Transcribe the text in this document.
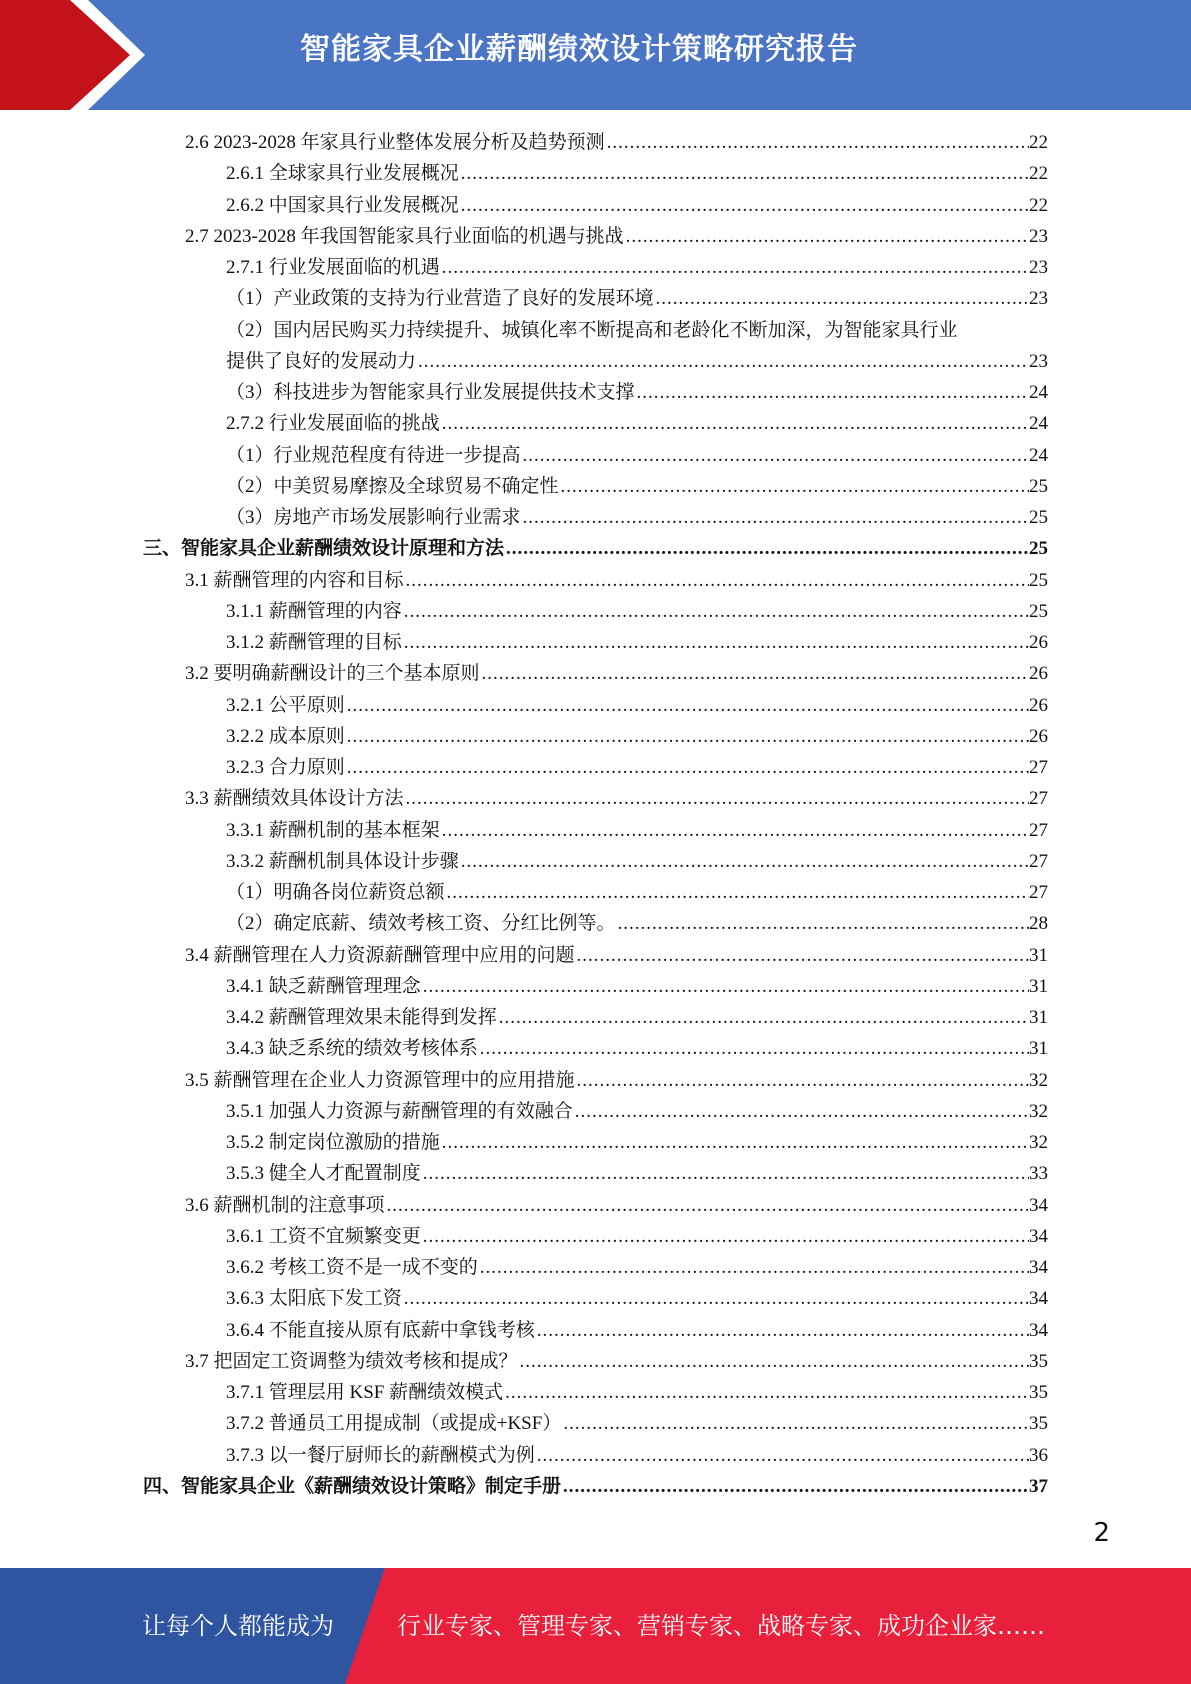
智能家具企业薪酬绩效设计策略研究报告
2.6 2023-2028 年家具行业整体发展分析及趋势预测 .....	22
2.6.1 全球家具行业发展概况 .....	22
2.6.2 中国家具行业发展概况 .....	22
2.7 2023-2028 年我国智能家具行业面临的机遇与挑战 .....	23
2.7.1 行业发展面临的机遇 .....	23
（1）产业政策的支持为行业营造了良好的发展环境 .....	23
（2）国内居民购买力持续提升、城镇化率不断提高和老龄化不断加深，为智能家具行业
提供了良好的发展动力 .....	23
（3）科技进步为智能家具行业发展提供技术支撑 .....	24
2.7.2 行业发展面临的挑战 .....	24
（1）行业规范程度有待进一步提高 .....	24
（2）中美贸易摩擦及全球贸易不确定性 .....	25
（3）房地产市场发展影响行业需求 .....	25
三、智能家具企业薪酬绩效设计原理和方法 .....	25
3.1 薪酬管理的内容和目标 .....	25
3.1.1 薪酬管理的内容 .....	25
3.1.2 薪酬管理的目标 .....	26
3.2 要明确薪酬设计的三个基本原则 .....	26
3.2.1 公平原则 .....	26
3.2.2 成本原则 .....	26
3.2.3 合力原则 .....	27
3.3 薪酬绩效具体设计方法 .....	27
3.3.1 薪酬机制的基本框架 .....	27
3.3.2 薪酬机制具体设计步骤 .....	27
（1）明确各岗位薪资总额 .....	27
（2）确定底薪、绩效考核工资、分红比例等。 .....	28
3.4 薪酬管理在人力资源薪酬管理中应用的问题 .....	31
3.4.1 缺乏薪酬管理理念 .....	31
3.4.2 薪酬管理效果未能得到发挥 .....	31
3.4.3 缺乏系统的绩效考核体系 .....	31
3.5 薪酬管理在企业人力资源管理中的应用措施 .....	32
3.5.1 加强人力资源与薪酬管理的有效融合 .....	32
3.5.2 制定岗位激励的措施 .....	32
3.5.3 健全人才配置制度 .....	33
3.6 薪酬机制的注意事项 .....	34
3.6.1 工资不宜频繁变更 .....	34
3.6.2 考核工资不是一成不变的 .....	34
3.6.3 太阳底下发工资 .....	34
3.6.4 不能直接从原有底薪中拿钱考核 .....	34
3.7 把固定工资调整为绩效考核和提成？ .....	35
3.7.1 管理层用 KSF 薪酬绩效模式 .....	35
3.7.2 普通员工用提成制（或提成+KSF） .....	35
3.7.3 以一餐厅厨师长的薪酬模式为例 .....	36
四、智能家具企业《薪酬绩效设计策略》制定手册 .....	37
2
让每个人都能成为	行业专家、管理专家、营销专家、战略专家、成功企业家……
